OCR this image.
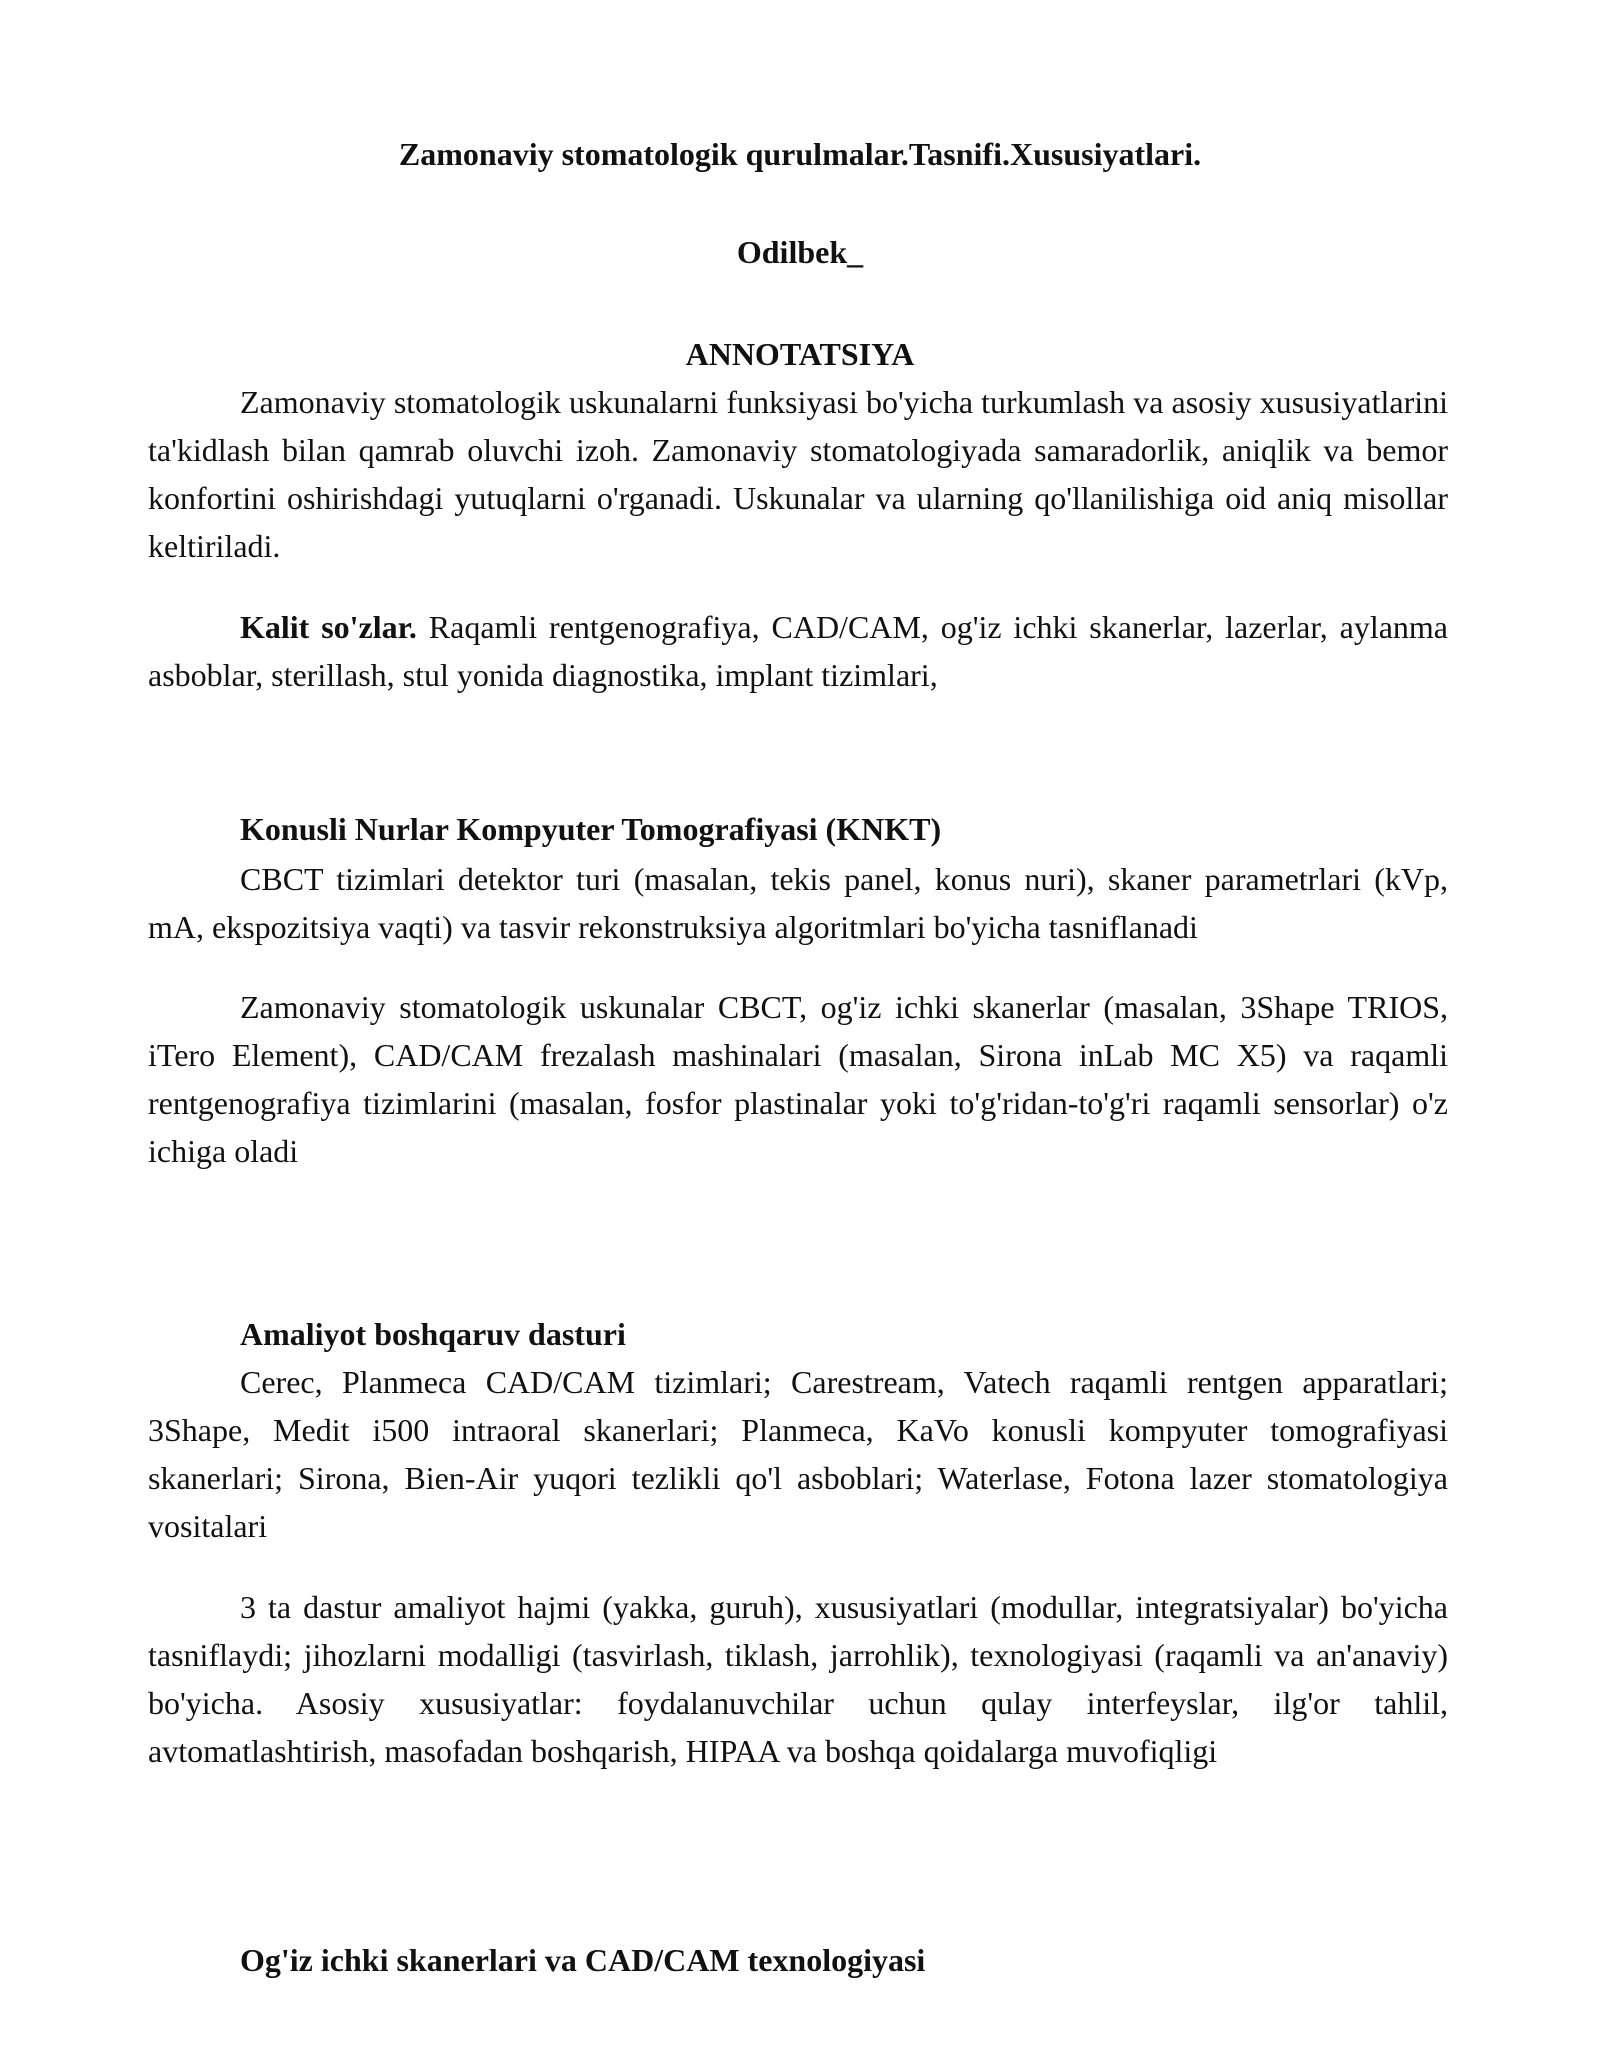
Zamonaviy stomatologik qurulmalar.Tasnifi.Xususiyatlari.
Odilbek_
ANNOTATSIYA

Zamonaviy stomatologik uskunalarni funksiyasi bo'yicha turkumlash va asosiy xususiyatlarini ta'kidlash bilan qamrab oluvchi izoh. Zamonaviy stomatologiyada samaradorlik, aniqlik va bemor konfortini oshirishdagi yutuqlarni o'rganadi. Uskunalar va ularning qo'llanilishiga oid aniq misollar keltiriladi.

Kalit so'zlar. Raqamli rentgenografiya, CAD/CAM, og'iz ichki skanerlar, lazerlar, aylanma asboblar, sterillash, stul yonida diagnostika, implant tizimlari,

Konusli Nurlar Kompyuter Tomografiyasi (KNKT)

CBCT tizimlari detektor turi (masalan, tekis panel, konus nuri), skaner parametrlari (kVp, mA, ekspozitsiya vaqti) va tasvir rekonstruksiya algoritmlari bo'yicha tasniflanadi

Zamonaviy stomatologik uskunalar CBCT, og'iz ichki skanerlar (masalan, 3Shape TRIOS, iTero Element), CAD/CAM frezalash mashinalari (masalan, Sirona inLab MC X5) va raqamli rentgenografiya tizimlarini (masalan, fosfor plastinalar yoki to'g'ridan-to'g'ri raqamli sensorlar) o'z ichiga oladi

Amaliyot boshqaruv dasturi

Cerec, Planmeca CAD/CAM tizimlari; Carestream, Vatech raqamli rentgen apparatlari; 3Shape, Medit i500 intraoral skanerlari; Planmeca, KaVo konusli kompyuter tomografiyasi skanerlari; Sirona, Bien-Air yuqori tezlikli qo'l asboblari; Waterlase, Fotona lazer stomatologiya vositalari

3 ta dastur amaliyot hajmi (yakka, guruh), xususiyatlari (modullar, integratsiyalar) bo'yicha tasniflaydi; jihozlarni modalligi (tasvirlash, tiklash, jarrohlik), texnologiyasi (raqamli va an'anaviy) bo'yicha. Asosiy xususiyatlar: foydalanuvchilar uchun qulay interfeyslar, ilg'or tahlil, avtomatlashtirish, masofadan boshqarish, HIPAA va boshqa qoidalarga muvofiqligi

Og'iz ichki skanerlari va CAD/CAM texnologiyasi
